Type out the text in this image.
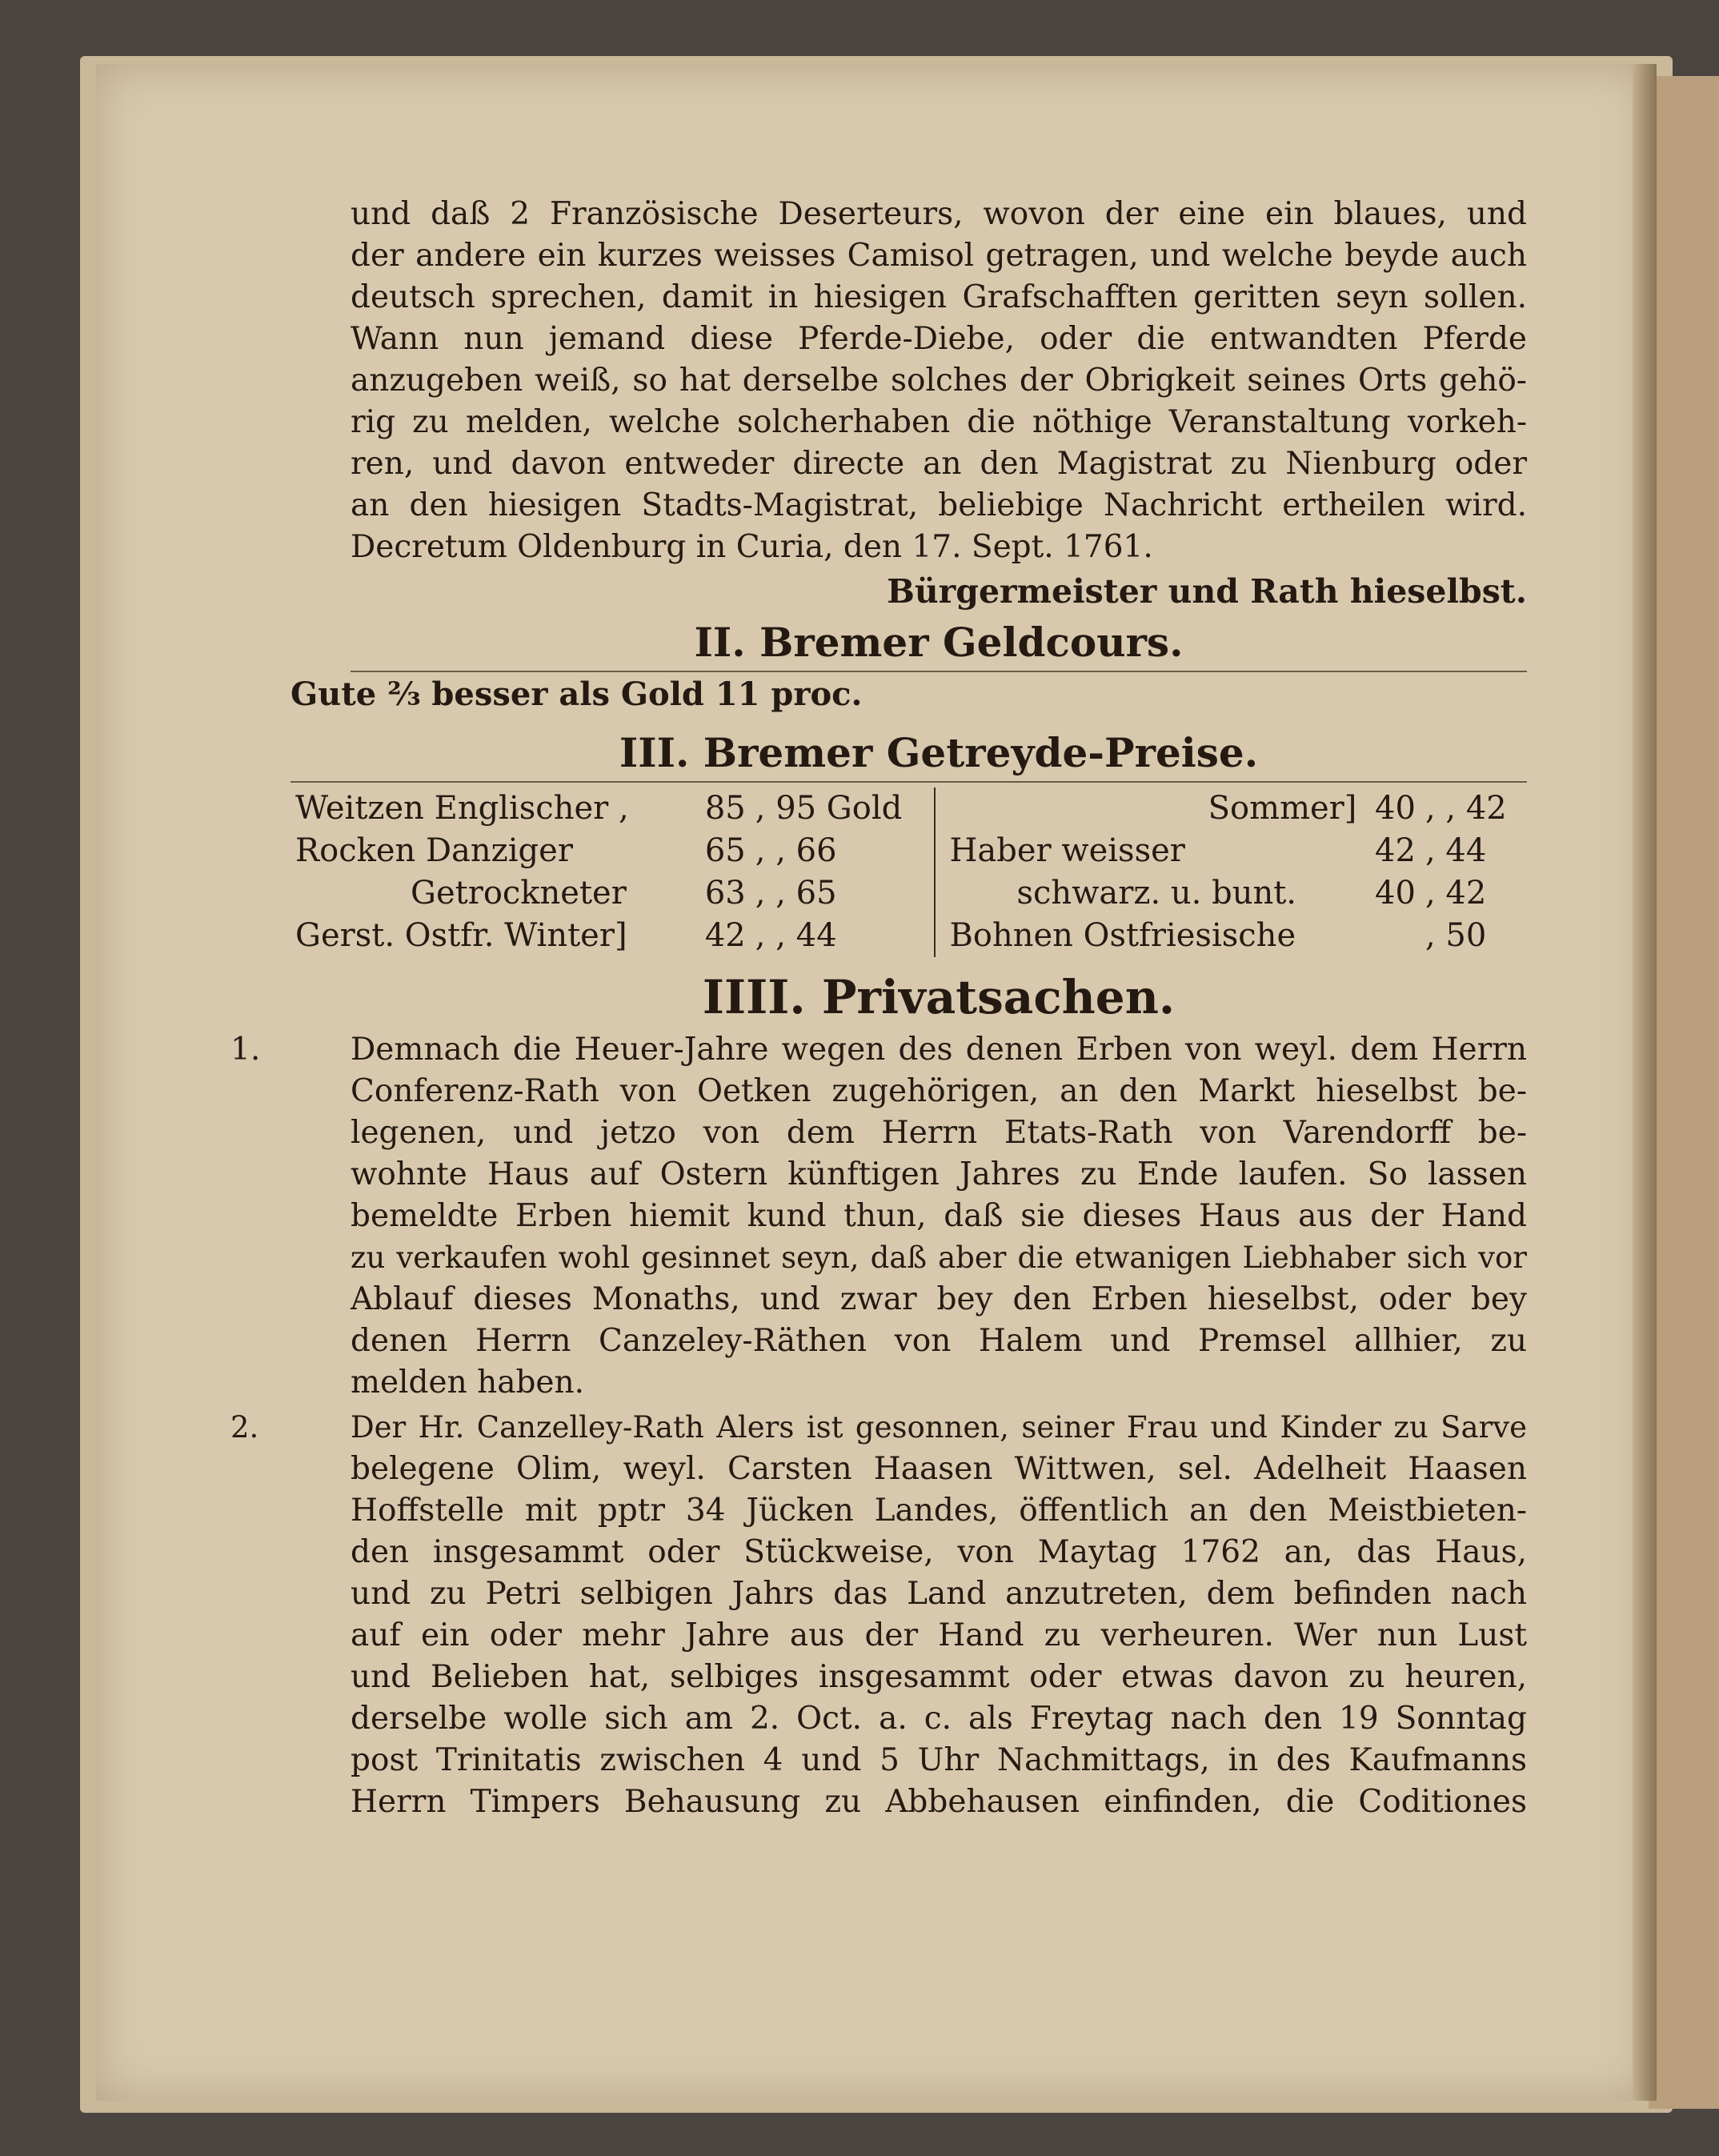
und daß 2 Französische Deserteurs, wovon der eine ein blaues, und
der andere ein kurzes weisses Camisol getragen, und welche beyde auch
deutsch sprechen, damit in hiesigen Grafschafften geritten seyn sollen.
Wann nun jemand diese Pferde-Diebe, oder die entwandten Pferde
anzugeben weiß, so hat derselbe solches der Obrigkeit seines Orts gehö-
rig zu melden, welche solcherhaben die nöthige Veranstaltung vorkeh-
ren, und davon entweder directe an den Magistrat zu Nienburg oder
an den hiesigen Stadts-Magistrat, beliebige Nachricht ertheilen wird.
Decretum Oldenburg in Curia, den 17. Sept. 1761.
Bürgermeister und Rath hieselbst.
II. Bremer Geldcours.
Gute ⅔ besser als Gold 11 proc.
III. Bremer Getreyde-Preise.
Weitzen Englischer ,	85	, 95 Gold		Sommer]	40	, , 42
Rocken Danziger	65	, , 66		Haber weisser	42	, 44
Getrockneter	63	, , 65		schwarz. u. bunt.	40	, 42
Gerst. Ostfr. Winter]	42	, , 44		Bohnen Ostfriesische		, 50
IIII. Privatsachen.
1.	Demnach die Heuer-Jahre wegen des denen Erben von weyl. dem Herrn
Conferenz-Rath von Oetken zugehörigen, an den Markt hieselbst be-
legenen, und jetzo von dem Herrn Etats-Rath von Varendorff be-
wohnte Haus auf Ostern künftigen Jahres zu Ende laufen. So lassen
bemeldte Erben hiemit kund thun, daß sie dieses Haus aus der Hand
zu verkaufen wohl gesinnet seyn, daß aber die etwanigen Liebhaber sich vor
Ablauf dieses Monaths, und zwar bey den Erben hieselbst, oder bey
denen Herrn Canzeley-Räthen von Halem und Premsel allhier, zu
melden haben.
2.	Der Hr. Canzelley-Rath Alers ist gesonnen, seiner Frau und Kinder zu Sarve
belegene Olim, weyl. Carsten Haasen Wittwen, sel. Adelheit Haasen
Hoffstelle mit pptr 34 Jücken Landes, öffentlich an den Meistbieten-
den insgesammt oder Stückweise, von Maytag 1762 an, das Haus,
und zu Petri selbigen Jahrs das Land anzutreten, dem befinden nach
auf ein oder mehr Jahre aus der Hand zu verheuren. Wer nun Lust
und Belieben hat, selbiges insgesammt oder etwas davon zu heuren,
derselbe wolle sich am 2. Oct. a. c. als Freytag nach den 19 Sonntag
post Trinitatis zwischen 4 und 5 Uhr Nachmittags, in des Kaufmanns
Herrn Timpers Behausung zu Abbehausen einfinden, die Coditiones
